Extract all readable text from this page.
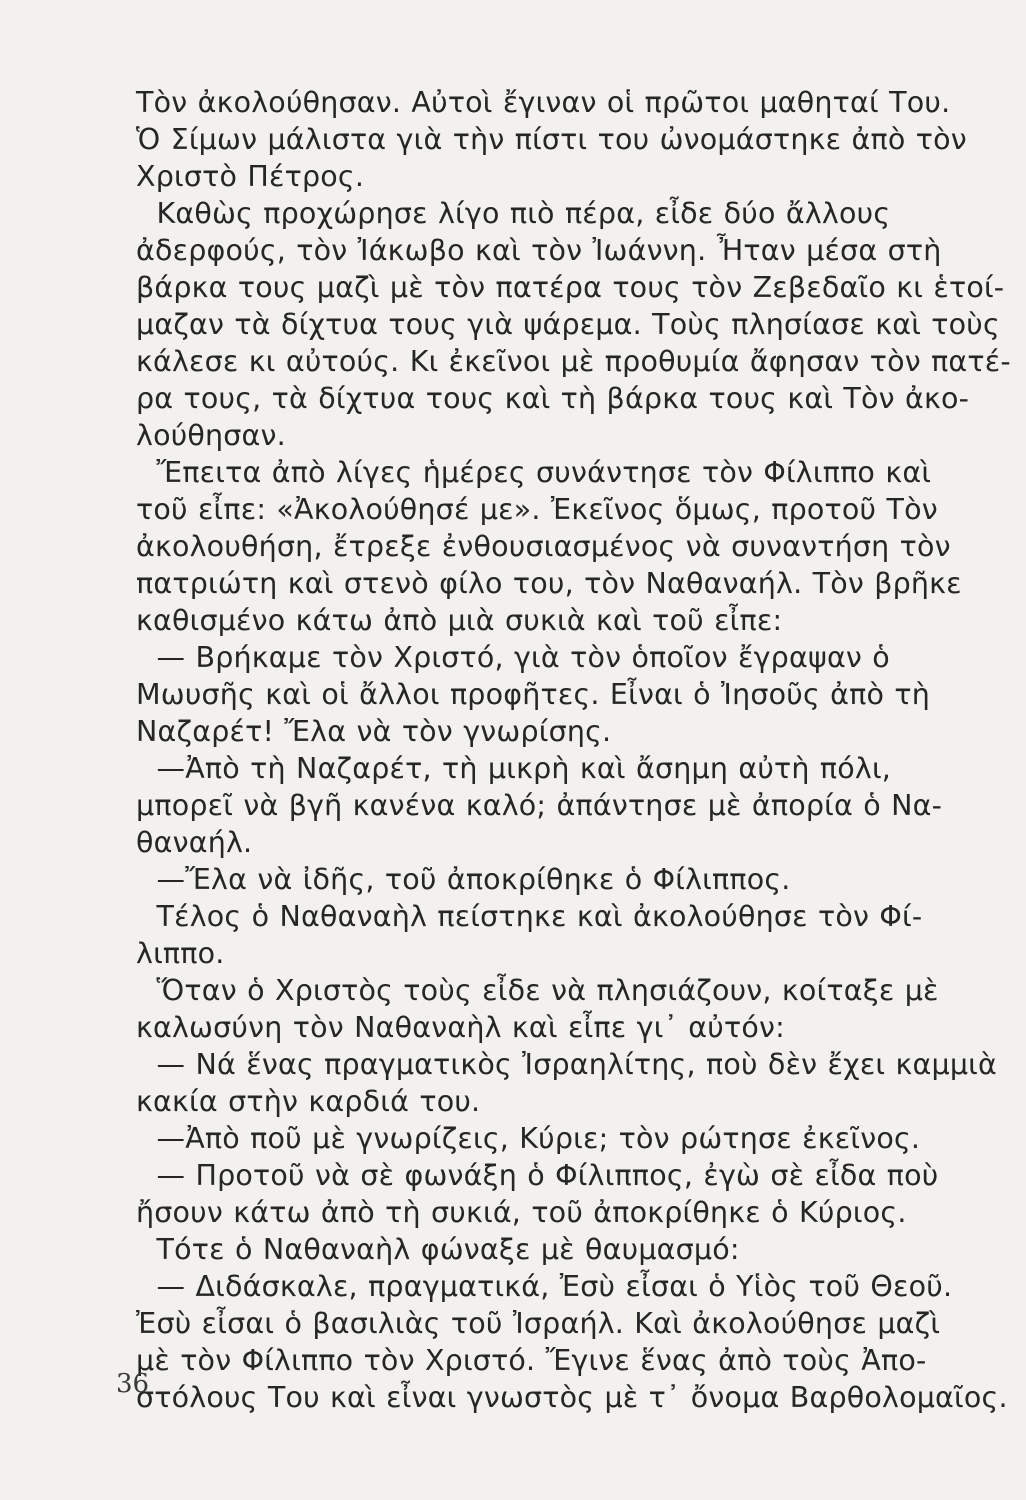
Τὸν ἀκολούθησαν. Αὐτοὶ ἔγιναν οἱ πρῶτοι μαθηταί Του.
Ὁ Σίμων μάλιστα γιὰ τὴν πίστι του ὠνομάστηκε ἀπὸ τὸν
Χριστὸ Πέτρος.
Καθὼς προχώρησε λίγο πιὸ πέρα, εἶδε δύο ἄλλους
ἀδερφούς, τὸν Ἰάκωβο καὶ τὸν Ἰωάννη. Ἦταν μέσα στὴ
βάρκα τους μαζὶ μὲ τὸν πατέρα τους τὸν Ζεβεδαῖο κι ἑτοί-
μαζαν τὰ δίχτυα τους γιὰ ψάρεμα. Τοὺς πλησίασε καὶ τοὺς
κάλεσε κι αὐτούς. Κι ἐκεῖνοι μὲ προθυμία ἄφησαν τὸν πατέ-
ρα τους, τὰ δίχτυα τους καὶ τὴ βάρκα τους καὶ Τὸν ἀκο-
λούθησαν.
Ἔπειτα ἀπὸ λίγες ἡμέρες συνάντησε τὸν Φίλιππο καὶ
τοῦ εἶπε: «Ἀκολούθησέ με». Ἐκεῖνος ὅμως, προτοῦ Τὸν
ἀκολουθήση, ἔτρεξε ἐνθουσιασμένος νὰ συναντήση τὸν
πατριώτη καὶ στενὸ φίλο του, τὸν Ναθαναήλ. Τὸν βρῆκε
καθισμένο κάτω ἀπὸ μιὰ συκιὰ καὶ τοῦ εἶπε:
— Βρήκαμε τὸν Χριστό, γιὰ τὸν ὁποῖον ἔγραψαν ὁ
Μωυσῆς καὶ οἱ ἄλλοι προφῆτες. Εἶναι ὁ Ἰησοῦς ἀπὸ τὴ
Ναζαρέτ! Ἔλα νὰ τὸν γνωρίσης.
—Ἀπὸ τὴ Ναζαρέτ, τὴ μικρὴ καὶ ἄσημη αὐτὴ πόλι,
μπορεῖ νὰ βγῆ κανένα καλό; ἀπάντησε μὲ ἀπορία ὁ Να-
θαναήλ.
—Ἔλα νὰ ἰδῆς, τοῦ ἀποκρίθηκε ὁ Φίλιππος.
Τέλος ὁ Ναθαναὴλ πείστηκε καὶ ἀκολούθησε τὸν Φί-
λιππο.
Ὅταν ὁ Χριστὸς τοὺς εἶδε νὰ πλησιάζουν, κοίταξε μὲ
καλωσύνη τὸν Ναθαναὴλ καὶ εἶπε γι᾽ αὐτόν:
— Νά ἕνας πραγματικὸς Ἰσραηλίτης, ποὺ δὲν ἔχει καμμιὰ
κακία στὴν καρδιά του.
—Ἀπὸ ποῦ μὲ γνωρίζεις, Κύριε; τὸν ρώτησε ἐκεῖνος.
— Προτοῦ νὰ σὲ φωνάξη ὁ Φίλιππος, ἐγὼ σὲ εἶδα ποὺ
ἤσουν κάτω ἀπὸ τὴ συκιά, τοῦ ἀποκρίθηκε ὁ Κύριος.
Τότε ὁ Ναθαναὴλ φώναξε μὲ θαυμασμό:
— Διδάσκαλε, πραγματικά, Ἐσὺ εἶσαι ὁ Υἱὸς τοῦ Θεοῦ.
Ἐσὺ εἶσαι ὁ βασιλιὰς τοῦ Ἰσραήλ. Καὶ ἀκολούθησε μαζὶ
μὲ τὸν Φίλιππο τὸν Χριστό. Ἔγινε ἕνας ἀπὸ τοὺς Ἀπο-
στόλους Του καὶ εἶναι γνωστὸς μὲ τ᾽ ὄνομα Βαρθολομαῖος.
36
